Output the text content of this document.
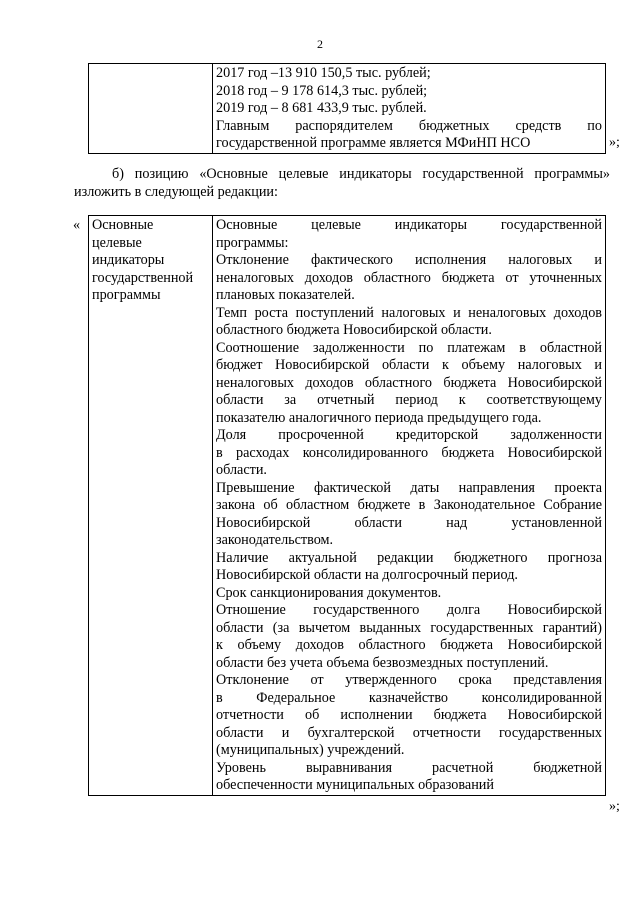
2

2017 год –13 910 150,5 тыс. рублей;
2018 год – 9 178 614,3 тыс. рублей;
2019 год – 8 681 433,9 тыс. рублей.
Главным распорядителем бюджетных средств по
государственной программе является МФиНП НСО	»;
б) позицию «Основные целевые индикаторы государственной программы»
изложить в следующей редакции:
« Основные
целевые
индикаторы
государственной
программы

Основные целевые индикаторы государственной
программы:
Отклонение фактического исполнения налоговых и
неналоговых доходов областного бюджета от уточненных
плановых показателей.
Темп роста поступлений налоговых и неналоговых доходов
областного бюджета Новосибирской области.
Соотношение задолженности по платежам в областной
бюджет Новосибирской области к объему налоговых и
неналоговых доходов областного бюджета Новосибирской
области за отчетный период к соответствующему
показателю аналогичного периода предыдущего года.
Доля просроченной кредиторской задолженности
в расходах консолидированного бюджета Новосибирской
области.
Превышение фактической даты направления проекта
закона об областном бюджете в Законодательное Собрание
Новосибирской области над установленной
законодательством.
Наличие актуальной редакции бюджетного прогноза
Новосибирской области на долгосрочный период.
Срок санкционирования документов.
Отношение государственного долга Новосибирской
области (за вычетом выданных государственных гарантий)
к объему доходов областного бюджета Новосибирской
области без учета объема безвозмездных поступлений.
Отклонение от утвержденного срока представления
в Федеральное казначейство консолидированной
отчетности об исполнении бюджета Новосибирской
области и бухгалтерской отчетности государственных
(муниципальных) учреждений.
Уровень выравнивания расчетной бюджетной
обеспеченности муниципальных образований
»;
